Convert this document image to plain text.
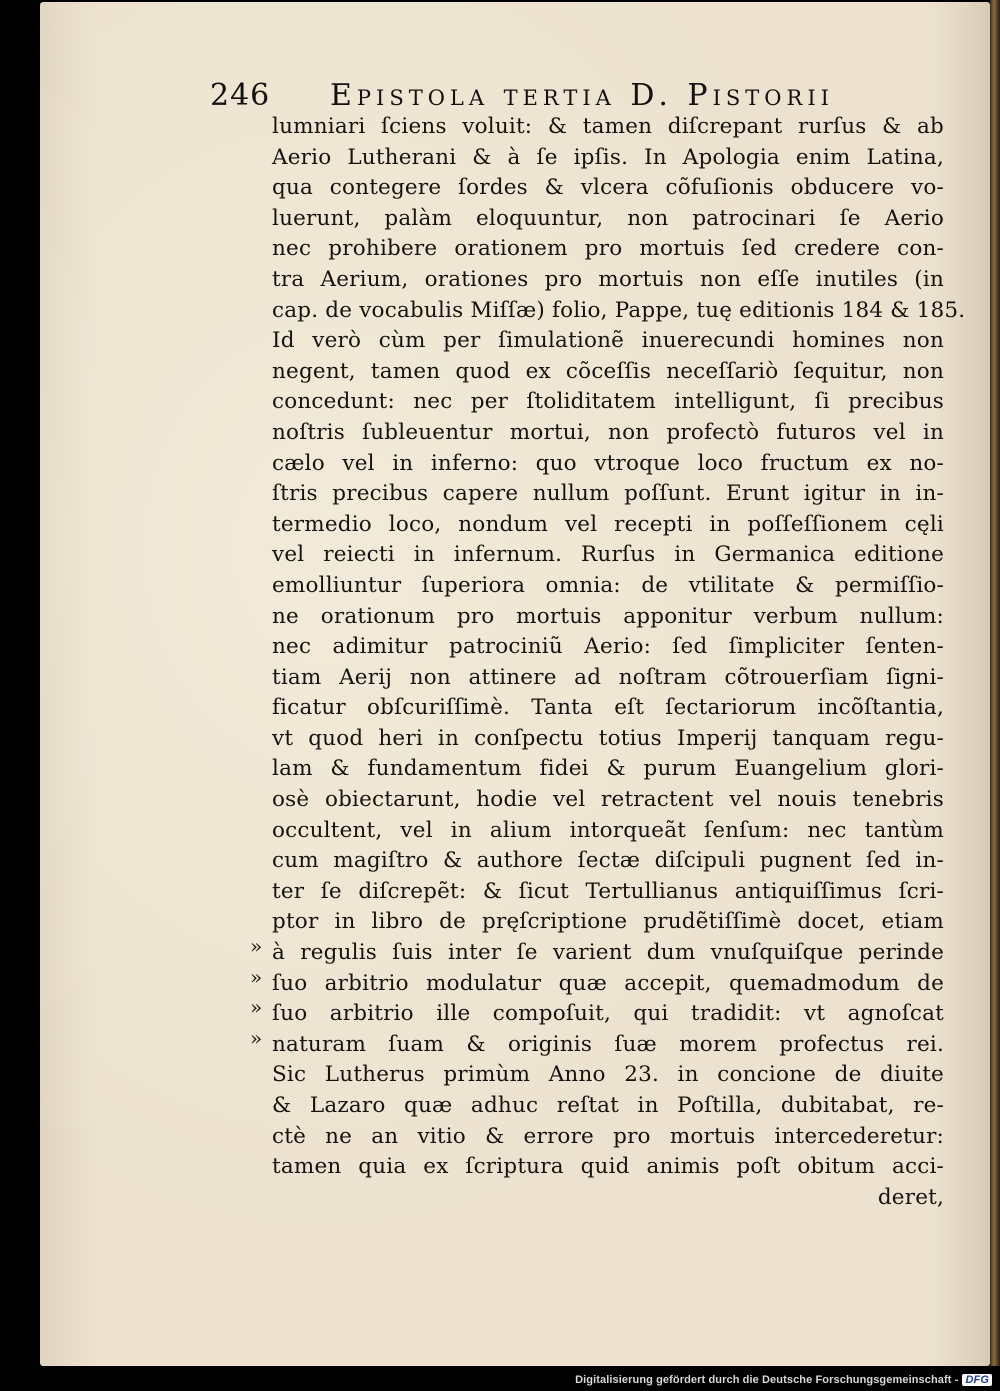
246 Epistola tertia D. Pistorii
lumniari ſciens voluit: & tamen diſcrepant rurſus & ab
Aerio Lutherani & à ſe ipſis. In Apologia enim Latina,
qua contegere ſordes & vlcera cõfuſionis obducere vo-
luerunt, palàm eloquuntur, non patrocinari ſe Aerio
nec prohibere orationem pro mortuis ſed credere con-
tra Aerium, orationes pro mortuis non eſſe inutiles (in
cap. de vocabulis Miſſæ) folio, Pappe, tuę editionis 184 & 185.
Id verò cùm per ſimulationẽ inuerecundi homines non
negent, tamen quod ex cõceſſis neceſſariò ſequitur, non
concedunt: nec per ſtoliditatem intelligunt, ſi precibus
noſtris ſubleuentur mortui, non profectò futuros vel in
cælo vel in inferno: quo vtroque loco fructum ex no-
ſtris precibus capere nullum poſſunt. Erunt igitur in in-
termedio loco, nondum vel recepti in poſſeſſionem cęli
vel reiecti in infernum. Rurſus in Germanica editione
emolliuntur ſuperiora omnia: de vtilitate & permiſſio-
ne orationum pro mortuis apponitur verbum nullum:
nec adimitur patrociniũ Aerio: ſed ſimpliciter ſenten-
tiam Aerij non attinere ad noſtram cõtrouerſiam ſigni-
ficatur obſcuriſſimè. Tanta eſt ſectariorum incõſtantia,
vt quod heri in conſpectu totius Imperij tanquam regu-
lam & fundamentum fidei & purum Euangelium glori-
osè obiectarunt, hodie vel retractent vel nouis tenebris
occultent, vel in alium intorqueãt ſenſum: nec tantùm
cum magiſtro & authore ſectæ diſcipuli pugnent ſed in-
ter ſe diſcrepẽt: & ſicut Tertullianus antiquiſſimus ſcri-
ptor in libro de pręſcriptione prudẽtiſſimè docet, etiam
à regulis ſuis inter ſe varient dum vnuſquiſque perinde
ſuo arbitrio modulatur quæ accepit, quemadmodum de
ſuo arbitrio ille compoſuit, qui tradidit: vt agnoſcat
naturam ſuam & originis ſuæ morem profectus rei.
Sic Lutherus primùm Anno 23. in concione de diuite
& Lazaro quæ adhuc reſtat in Poſtilla, dubitabat, re-
ctè ne an vitio & errore pro mortuis intercederetur:
tamen quia ex ſcriptura quid animis poſt obitum acci-
deret,
»
»
»
»
Digitalisierung gefördert durch die Deutsche Forschungsgemeinschaft - DFG
